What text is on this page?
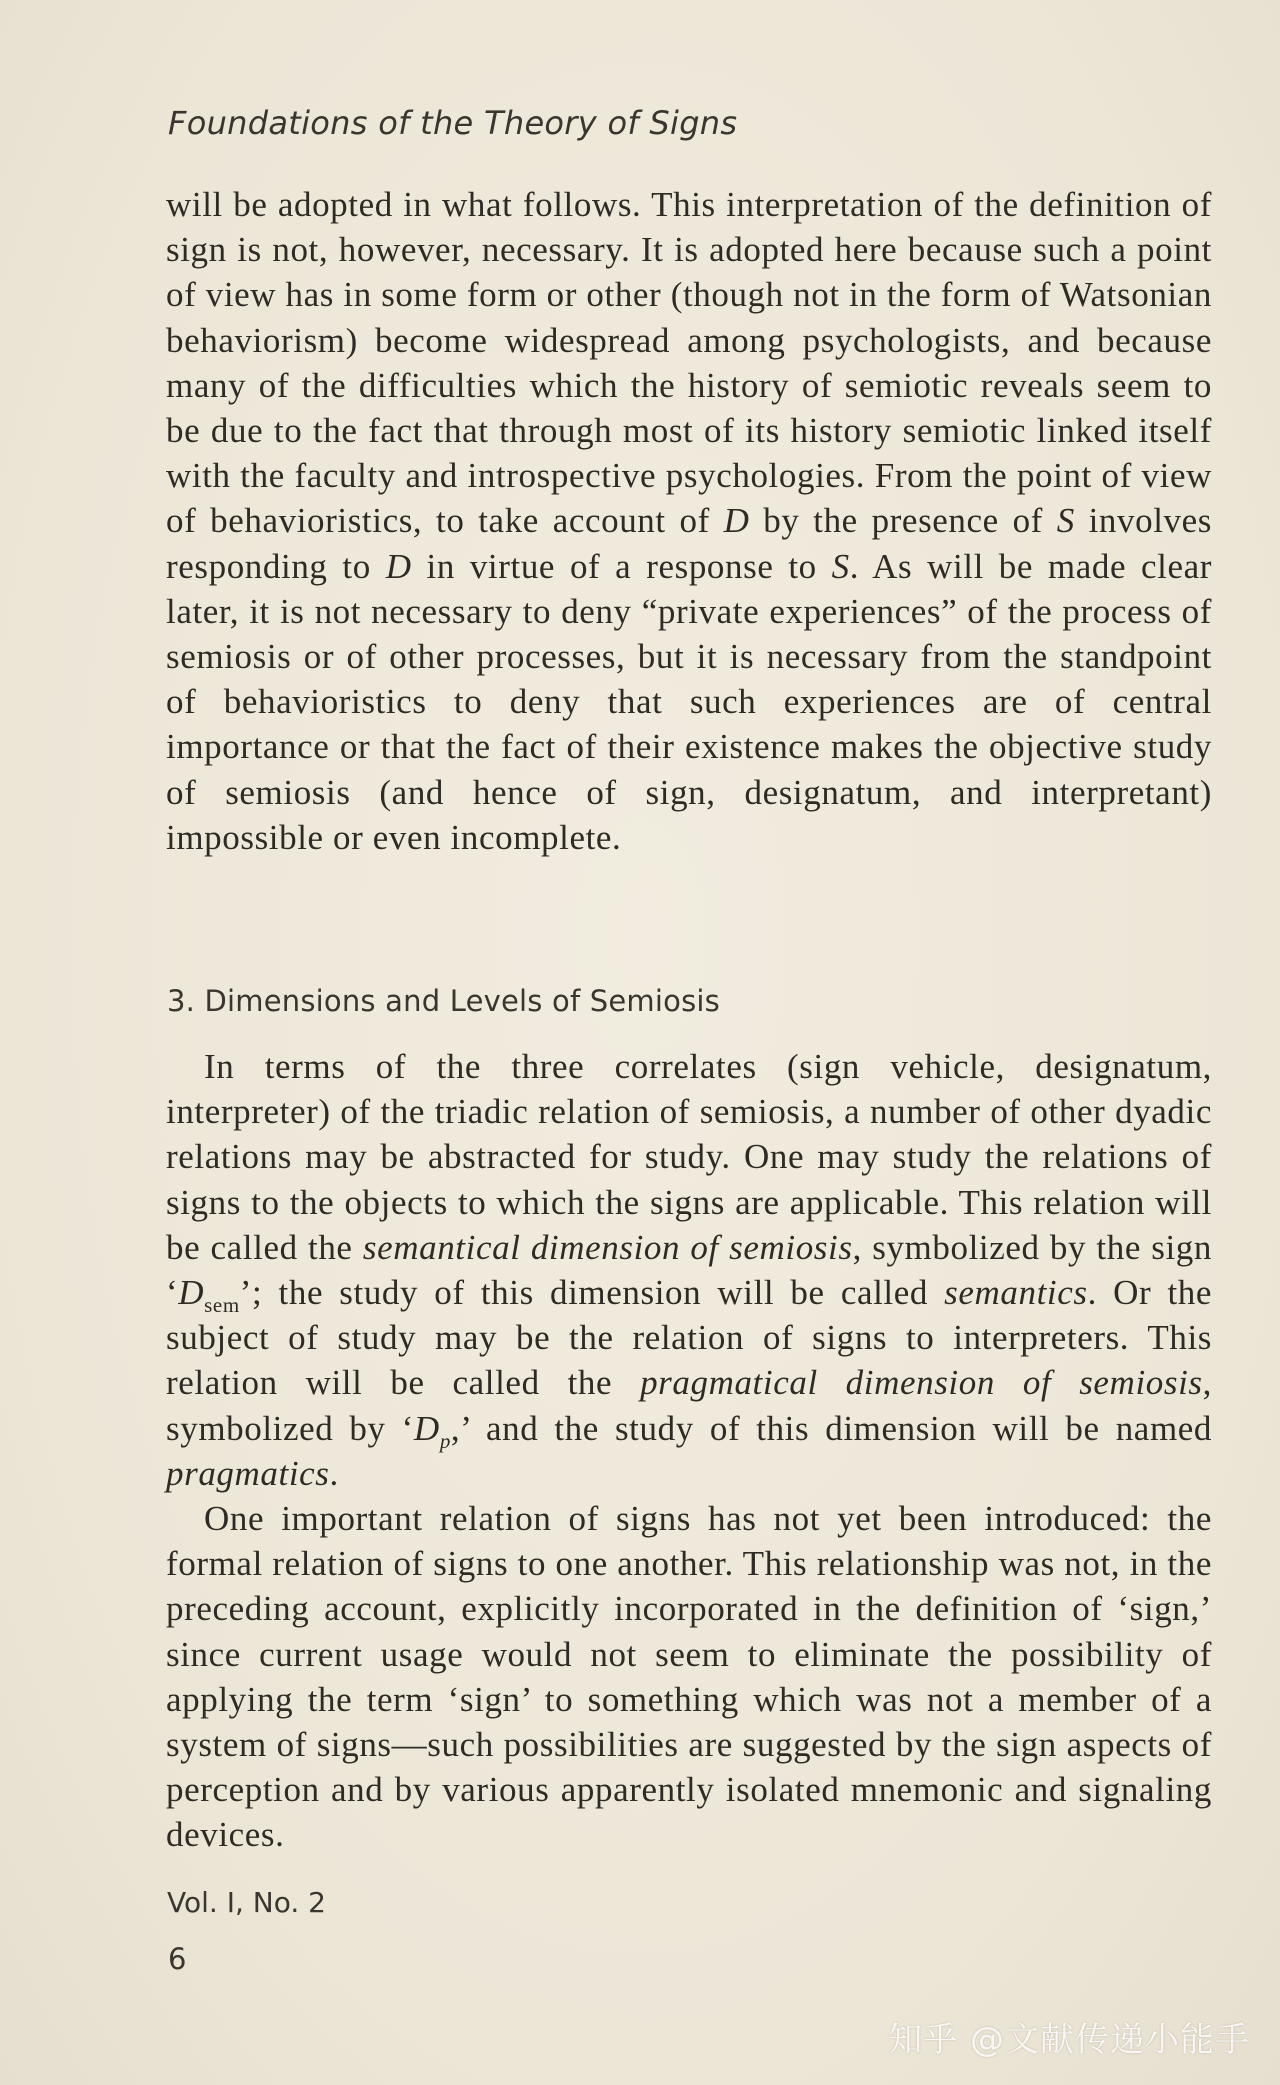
Foundations of the Theory of Signs

will be adopted in what follows. This interpretation of the definition of sign is not, however, necessary. It is adopted here because such a point of view has in some form or other (though not in the form of Watsonian behaviorism) become widespread among psychologists, and because many of the difficulties which the history of semiotic reveals seem to be due to the fact that through most of its history semiotic linked itself with the faculty and introspective psychologies. From the point of view of behavioristics, to take account of D by the presence of S involves responding to D in virtue of a response to S. As will be made clear later, it is not necessary to deny “private experiences” of the process of semiosis or of other processes, but it is necessary from the standpoint of behavioristics to deny that such experiences are of central importance or that the fact of their existence makes the objective study of semiosis (and hence of sign, designatum, and interpretant) impossible or even incomplete.

3. Dimensions and Levels of Semiosis

In terms of the three correlates (sign vehicle, designatum, interpreter) of the triadic relation of semiosis, a number of other dyadic relations may be abstracted for study. One may study the relations of signs to the objects to which the signs are applicable. This relation will be called the semantical dimension of semiosis, symbolized by the sign ‘$D_{sem}$’; the study of this dimension will be called semantics. Or the subject of study may be the relation of signs to interpreters. This relation will be called the pragmatical dimension of semiosis, symbolized by ‘$D_p$,’ and the study of this dimension will be named pragmatics.

One important relation of signs has not yet been introduced: the formal relation of signs to one another. This relationship was not, in the preceding account, explicitly incorporated in the definition of ‘sign,’ since current usage would not seem to eliminate the possibility of applying the term ‘sign’ to something which was not a member of a system of signs—such possibilities are suggested by the sign aspects of perception and by various apparently isolated mnemonic and signaling devices.

Vol. I, No. 2
6
知乎 @文献传递小能手
